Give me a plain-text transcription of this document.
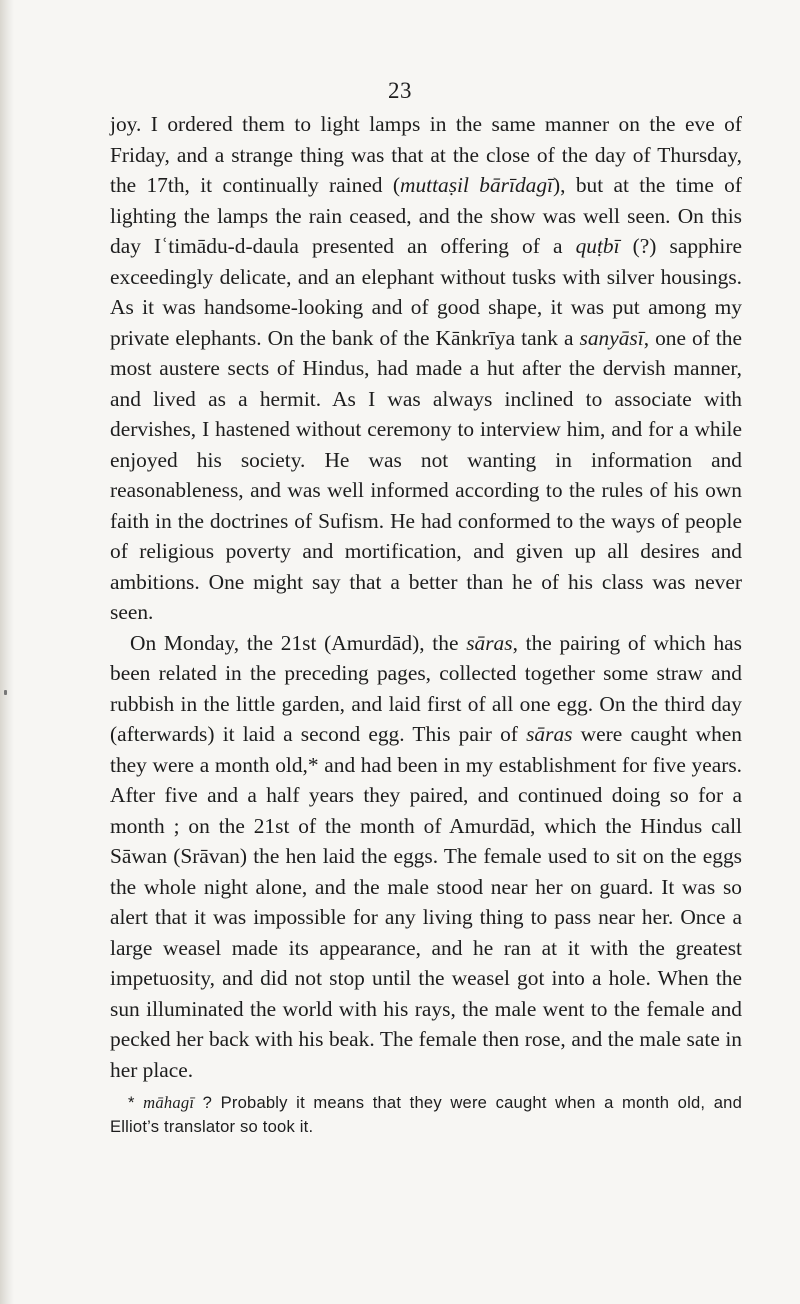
23

joy. I ordered them to light lamps in the same manner on the eve of Friday, and a strange thing was that at the close of the day of Thursday, the 17th, it continually rained (muttaṣil bārīdagī), but at the time of lighting the lamps the rain ceased, and the show was well seen. On this day Iʿtimādu-d-daula presented an offering of a quṭbī (?) sapphire exceedingly delicate, and an elephant without tusks with silver housings. As it was handsome-looking and of good shape, it was put among my private elephants. On the bank of the Kānkrīya tank a sanyāsī, one of the most austere sects of Hindus, had made a hut after the dervish manner, and lived as a hermit. As I was always inclined to associate with dervishes, I hastened without ceremony to interview him, and for a while enjoyed his society. He was not wanting in information and reasonableness, and was well informed according to the rules of his own faith in the doctrines of Sufism. He had conformed to the ways of people of religious poverty and mortification, and given up all desires and ambitions. One might say that a better than he of his class was never seen.

On Monday, the 21st (Amurdād), the sāras, the pairing of which has been related in the preceding pages, collected together some straw and rubbish in the little garden, and laid first of all one egg. On the third day (afterwards) it laid a second egg. This pair of sāras were caught when they were a month old,* and had been in my establishment for five years. After five and a half years they paired, and continued doing so for a month ; on the 21st of the month of Amurdād, which the Hindus call Sāwan (Srāvan) the hen laid the eggs. The female used to sit on the eggs the whole night alone, and the male stood near her on guard. It was so alert that it was impossible for any living thing to pass near her. Once a large weasel made its appearance, and he ran at it with the greatest impetuosity, and did not stop until the weasel got into a hole. When the sun illuminated the world with his rays, the male went to the female and pecked her back with his beak. The female then rose, and the male sate in her place.

* māhagī ? Probably it means that they were caught when a month old, and Elliot’s translator so took it.
